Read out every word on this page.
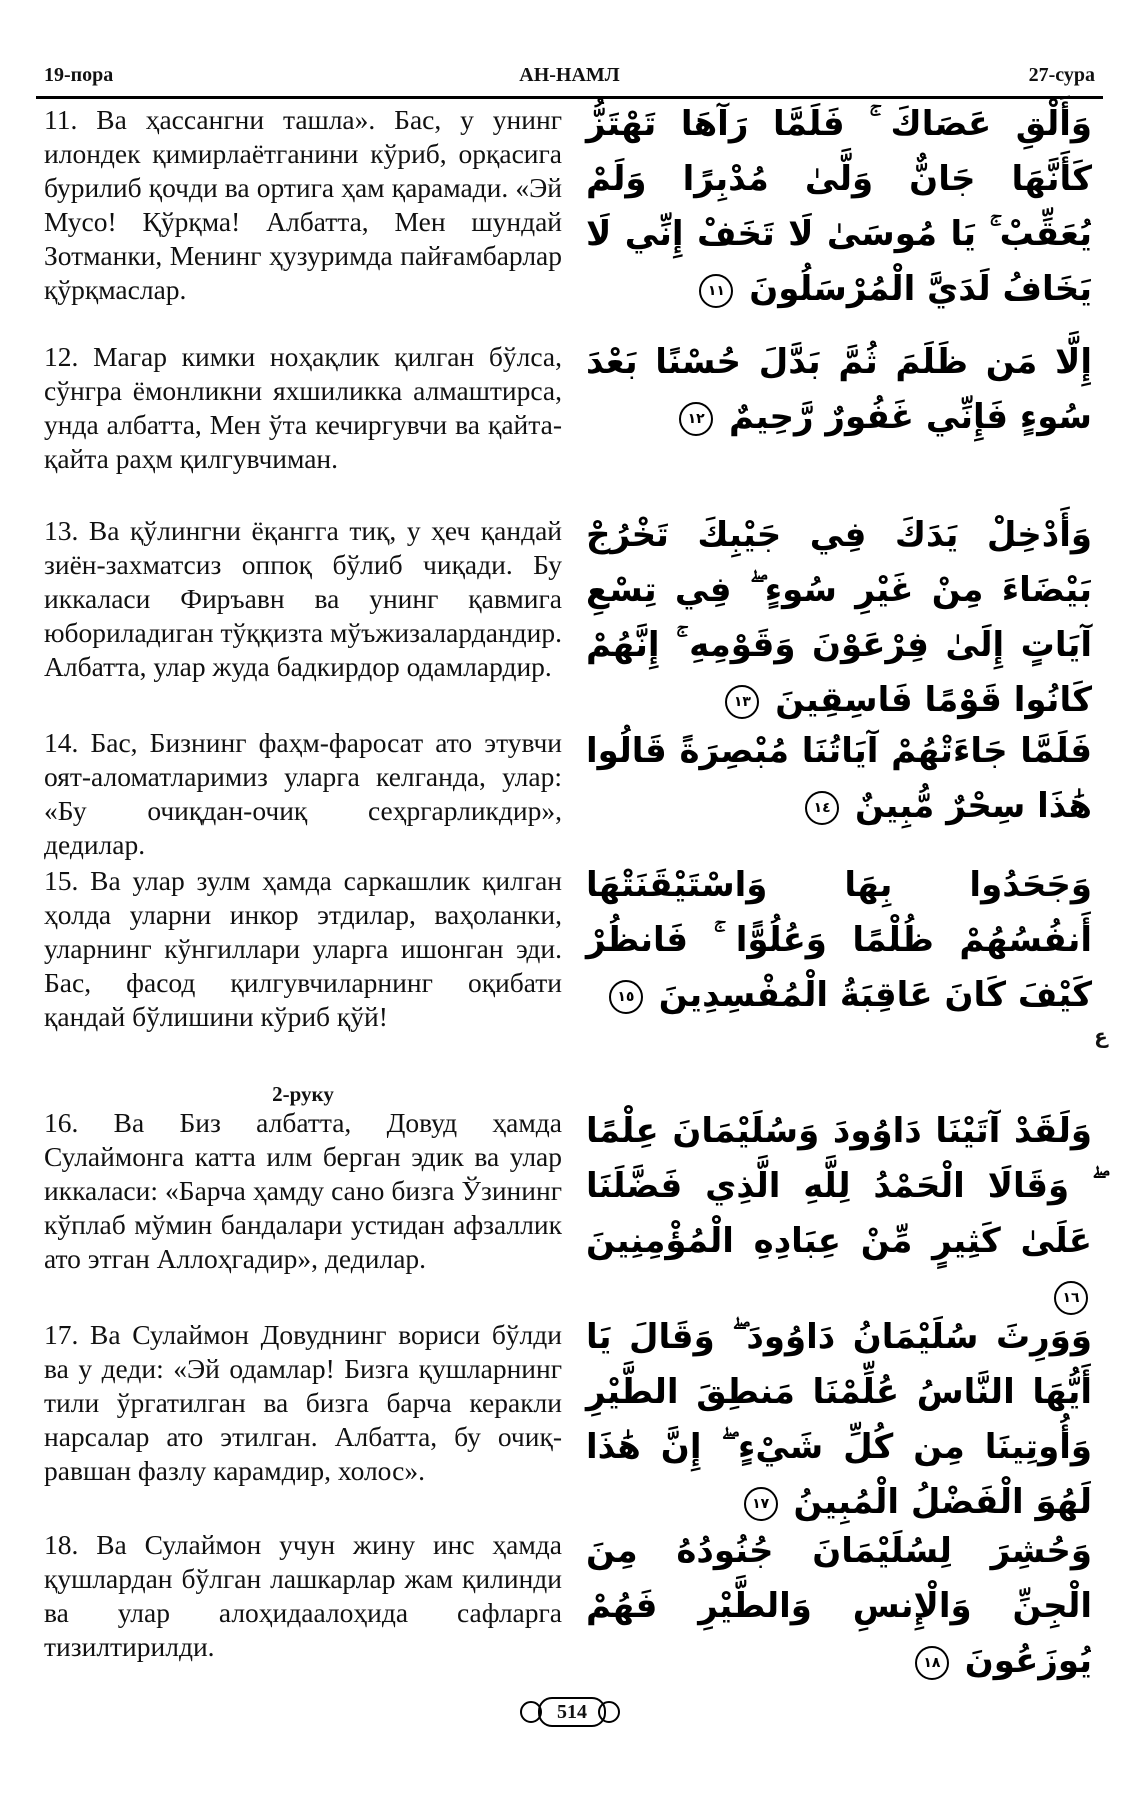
19-пора	АН-НАМЛ	27-сура
11. Ва ҳассангни ташла». Бас, у унинг илондек қимирлаётганини кўриб, орқасига бурилиб қочди ва ортига ҳам қарамади. «Эй Мусо! Қўрқма! Албатта, Мен шундай Зотманки, Менинг ҳузуримда пайғамбарлар қўрқмаслар.
وَأَلْقِ عَصَاكَ ۚ فَلَمَّا رَآهَا تَهْتَزُّ كَأَنَّهَا جَانٌّ وَلَّىٰ مُدْبِرًا وَلَمْ يُعَقِّبْ ۚ يَا مُوسَىٰ لَا تَخَفْ إِنِّي لَا يَخَافُ لَدَيَّ الْمُرْسَلُونَ ١١
12. Магар кимки ноҳақлик қилган бўлса, сўнгра ёмонликни яхшиликка алмаштирса, унда албатта, Мен ўта кечиргувчи ва қайта-қайта раҳм қилгувчиман.
إِلَّا مَن ظَلَمَ ثُمَّ بَدَّلَ حُسْنًا بَعْدَ سُوءٍ فَإِنِّي غَفُورٌ رَّحِيمٌ ١٢
13. Ва қўлингни ёқангга тиқ, у ҳеч қандай зиён-захматсиз оппоқ бўлиб чиқади. Бу иккаласи Фиръавн ва унинг қавмига юбориладиган тўққизта мўъжизалардандир. Албатта, улар жуда бадкирдор одамлардир.
وَأَدْخِلْ يَدَكَ فِي جَيْبِكَ تَخْرُجْ بَيْضَاءَ مِنْ غَيْرِ سُوءٍ ۖ فِي تِسْعِ آيَاتٍ إِلَىٰ فِرْعَوْنَ وَقَوْمِهِ ۚ إِنَّهُمْ كَانُوا قَوْمًا فَاسِقِينَ ١٣
14. Бас, Бизнинг фаҳм-фаросат ато этувчи оят-аломатларимиз уларга келганда, улар: «Бу очиқдан-очиқ сеҳргарликдир», дедилар.
فَلَمَّا جَاءَتْهُمْ آيَاتُنَا مُبْصِرَةً قَالُوا هَٰذَا سِحْرٌ مُّبِينٌ ١٤
15. Ва улар зулм ҳамда саркашлик қилган ҳолда уларни инкор этдилар, ваҳоланки, уларнинг кўнгиллари уларга ишонган эди. Бас, фасод қилгувчиларнинг оқибати қандай бўлишини кўриб қўй!
وَجَحَدُوا بِهَا وَاسْتَيْقَنَتْهَا أَنفُسُهُمْ ظُلْمًا وَعُلُوًّا ۚ فَانظُرْ كَيْفَ كَانَ عَاقِبَةُ الْمُفْسِدِينَ ١٥
ع
2-руку
16. Ва Биз албатта, Довуд ҳамда Сулаймонга катта илм берган эдик ва улар иккаласи: «Барча ҳамду сано бизга Ўзининг кўплаб мўмин бандалари устидан афзаллик ато этган Аллоҳгадир», дедилар.
وَلَقَدْ آتَيْنَا دَاوُودَ وَسُلَيْمَانَ عِلْمًا ۖ وَقَالَا الْحَمْدُ لِلَّهِ الَّذِي فَضَّلَنَا عَلَىٰ كَثِيرٍ مِّنْ عِبَادِهِ الْمُؤْمِنِينَ ١٦
17. Ва Сулаймон Довуднинг вориси бўлди ва у деди: «Эй одамлар! Бизга қушларнинг тили ўргатилган ва бизга барча керакли нарсалар ато этилган. Албатта, бу очиқ-равшан фазлу карамдир, холос».
وَوَرِثَ سُلَيْمَانُ دَاوُودَ ۖ وَقَالَ يَا أَيُّهَا النَّاسُ عُلِّمْنَا مَنطِقَ الطَّيْرِ وَأُوتِينَا مِن كُلِّ شَيْءٍ ۖ إِنَّ هَٰذَا لَهُوَ الْفَضْلُ الْمُبِينُ ١٧
18. Ва Сулаймон учун жину инс ҳамда қушлардан бўлган лашкарлар жам қилинди ва улар алоҳидаалоҳида сафларга тизилтирилди.
وَحُشِرَ لِسُلَيْمَانَ جُنُودُهُ مِنَ الْجِنِّ وَالْإِنسِ وَالطَّيْرِ فَهُمْ يُوزَعُونَ ١٨
514
